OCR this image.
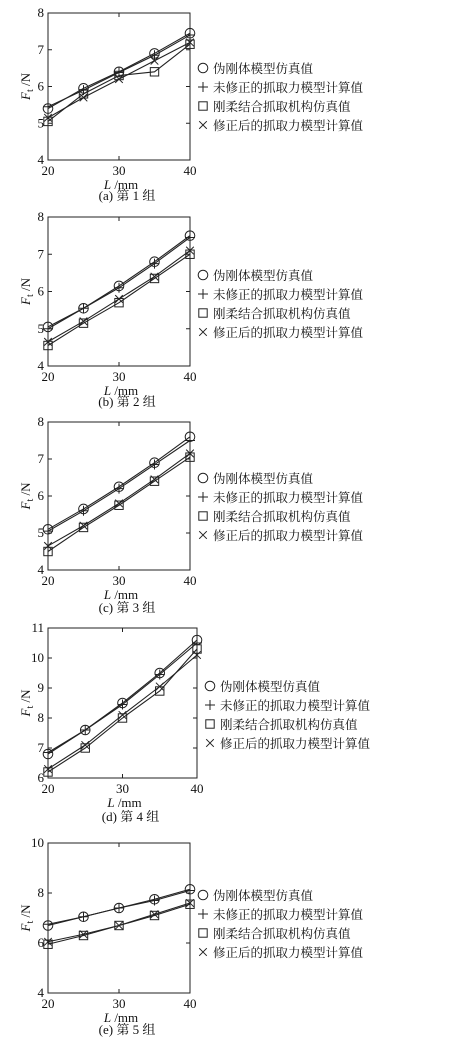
4
5
6
7
8
20	30	40
L /mm
$F_t$ /N
伪刚体模型仿真值
未修正的抓取力模型计算值
刚柔结合抓取机构仿真值
修正后的抓取力模型计算值
(a) 第 1 组
4
5
6
7
8
20	30	40
L /mm
$F_t$ /N
伪刚体模型仿真值
未修正的抓取力模型计算值
刚柔结合抓取机构仿真值
修正后的抓取力模型计算值
(b) 第 2 组
4
5
6
7
8
20	30	40
L /mm
$F_t$ /N
伪刚体模型仿真值
未修正的抓取力模型计算值
刚柔结合抓取机构仿真值
修正后的抓取力模型计算值
(c) 第 3 组
6
7
8
9
10
11
20	30	40
L /mm
$F_t$ /N
伪刚体模型仿真值
未修正的抓取力模型计算值
刚柔结合抓取机构仿真值
修正后的抓取力模型计算值
(d) 第 4 组
4
6
8
10
20	30	40
L /mm
$F_t$ /N
伪刚体模型仿真值
未修正的抓取力模型计算值
刚柔结合抓取机构仿真值
修正后的抓取力模型计算值
(e) 第 5 组
